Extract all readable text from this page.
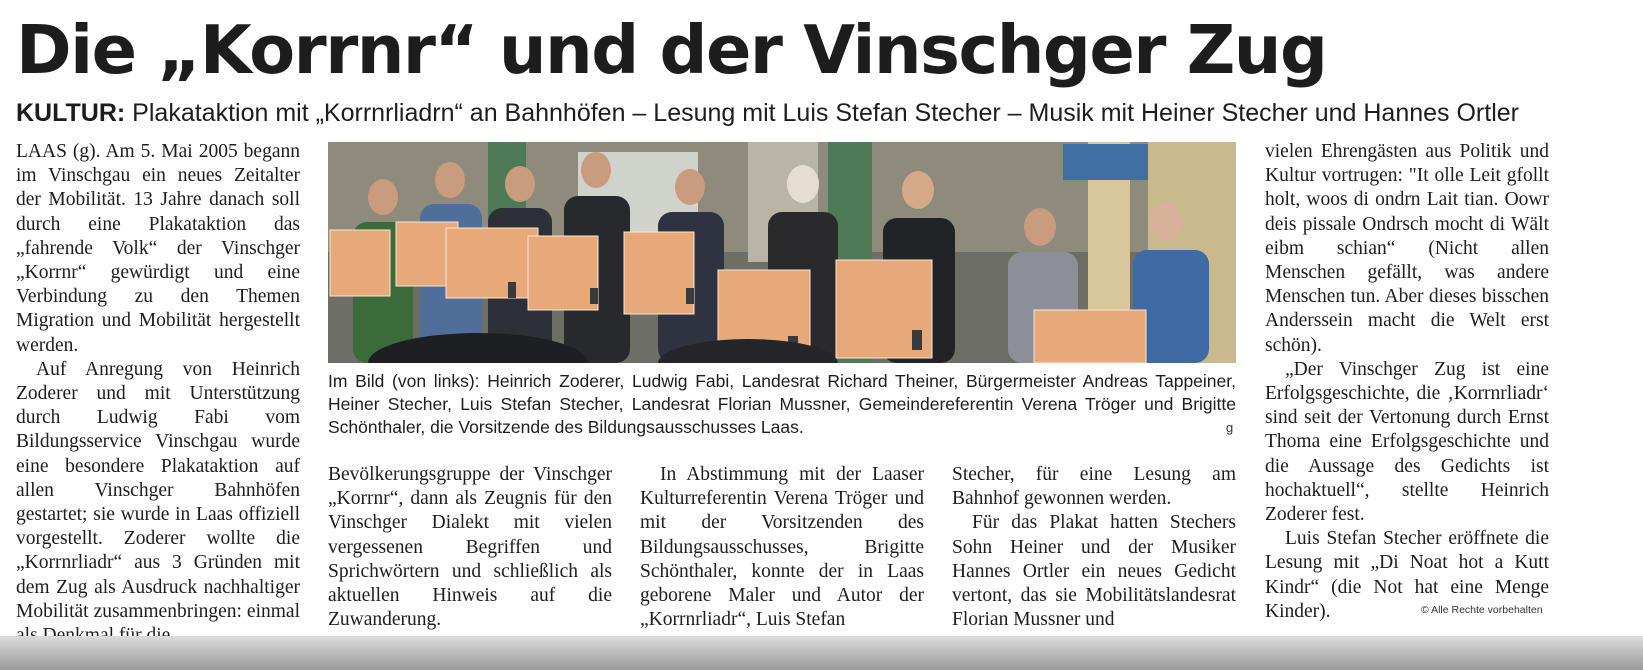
Die „Korrnr“ und der Vinschger Zug
KULTUR: Plakataktion mit „Korrnrliadrn“ an Bahnhöfen – Lesung mit Luis Stefan Stecher – Musik mit Heiner Stecher und Hannes Ortler

LAAS (g). Am 5. Mai 2005 begann im Vinschgau ein neues Zeitalter der Mobilität. 13 Jahre danach soll durch eine Plakataktion das „fahrende Volk“ der Vinschger „Korrnr“ gewürdigt und eine Verbindung zu den Themen Migration und Mobilität hergestellt werden.

Auf Anregung von Heinrich Zoderer und mit Unterstützung durch Ludwig Fabi vom Bildungsservice Vinschgau wurde eine besondere Plakataktion auf allen Vinschger Bahnhöfen gestartet; sie wurde in Laas offiziell vorgestellt. Zoderer wollte die „Korrnrliadr“ aus 3 Gründen mit dem Zug als Ausdruck nachhaltiger Mobilität zusammenbringen: einmal

Im Bild (von links): Heinrich Zoderer, Ludwig Fabi, Landesrat Richard Theiner, Bürgermeister Andreas Tappeiner, Heiner Stecher, Luis Stefan Stecher, Landesrat Florian Mussner, Gemeindereferentin Verena Tröger und Brigitte Schönthaler, die Vorsitzende des Bildungsausschusses Laas.	g

Bevölkerungsgruppe der Vinschger „Korrnr“, dann als Zeugnis für den Vinschger Dialekt mit vielen vergessenen Begriffen und Sprichwörtern und schließlich als aktuellen Hinweis auf die Zuwanderung.

In Abstimmung mit der Laaser Kulturreferentin Verena Tröger und mit der Vorsitzenden des Bildungsausschusses, Brigitte Schönthaler, konnte der in Laas geborene Maler und Autor der „Korrnrliadr“, Luis Stefan

Stecher, für eine Lesung am Bahnhof gewonnen werden.

Für das Plakat hatten Stechers Sohn Heiner und der Musiker Hannes Ortler ein neues Gedicht vertont, das sie Mobilitätslandesrat Florian Mussner und

vielen Ehrengästen aus Politik und Kultur vortrugen: "It olle Leit gfollt holt, woos di ondrn Lait tian. Oowr deis pissale Ondrsch mocht di Wält eibm schian“ (Nicht allen Menschen gefällt, was andere Menschen tun. Aber dieses bisschen Anderssein macht die Welt erst schön).

„Der Vinschger Zug ist eine Erfolgsgeschichte, die ‚Korrnrliadr‘ sind seit der Vertonung durch Ernst Thoma eine Erfolgsgeschichte und die Aussage des Gedichts ist hochaktuell“, stellte Heinrich Zoderer fest.

Luis Stefan Stecher eröffnete die Lesung mit „Di Noat hot a Kutt Kindr“ (die Not hat eine Menge Kinder).	© Alle Rechte vorbehalten
